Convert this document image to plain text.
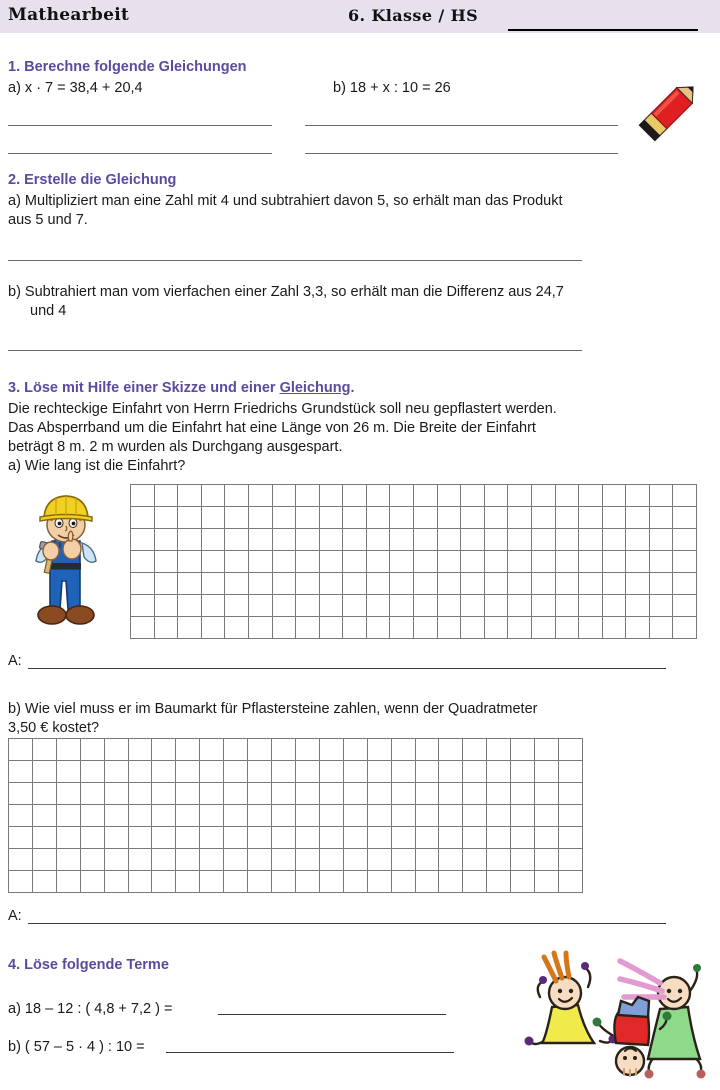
Mathearbeit	6. Klasse / HS
1. Berechne folgende Gleichungen
a) x · 7 = 38,4 + 20,4	b) 18 + x : 10 = 26
2. Erstelle die Gleichung
a) Multipliziert man eine Zahl mit 4 und subtrahiert davon 5, so erhält man das Produkt
aus 5 und 7.
b) Subtrahiert man vom vierfachen einer Zahl 3,3, so erhält man die Differenz aus 24,7
und 4
3. Löse mit Hilfe einer Skizze und einer Gleichung.
Die rechteckige Einfahrt von Herrn Friedrichs Grundstück soll neu gepflastert werden.
Das Absperrband um die Einfahrt hat eine Länge von 26 m. Die Breite der Einfahrt
beträgt 8 m. 2 m wurden als Durchgang ausgespart.
a) Wie lang ist die Einfahrt?
A:
b) Wie viel muss er im Baumarkt für Pflastersteine zahlen, wenn der Quadratmeter
3,50 € kostet?
A:
4. Löse folgende Terme
a) 18 – 12 : ( 4,8 + 7,2 ) =
b) ( 57 – 5 · 4 ) : 10 =
